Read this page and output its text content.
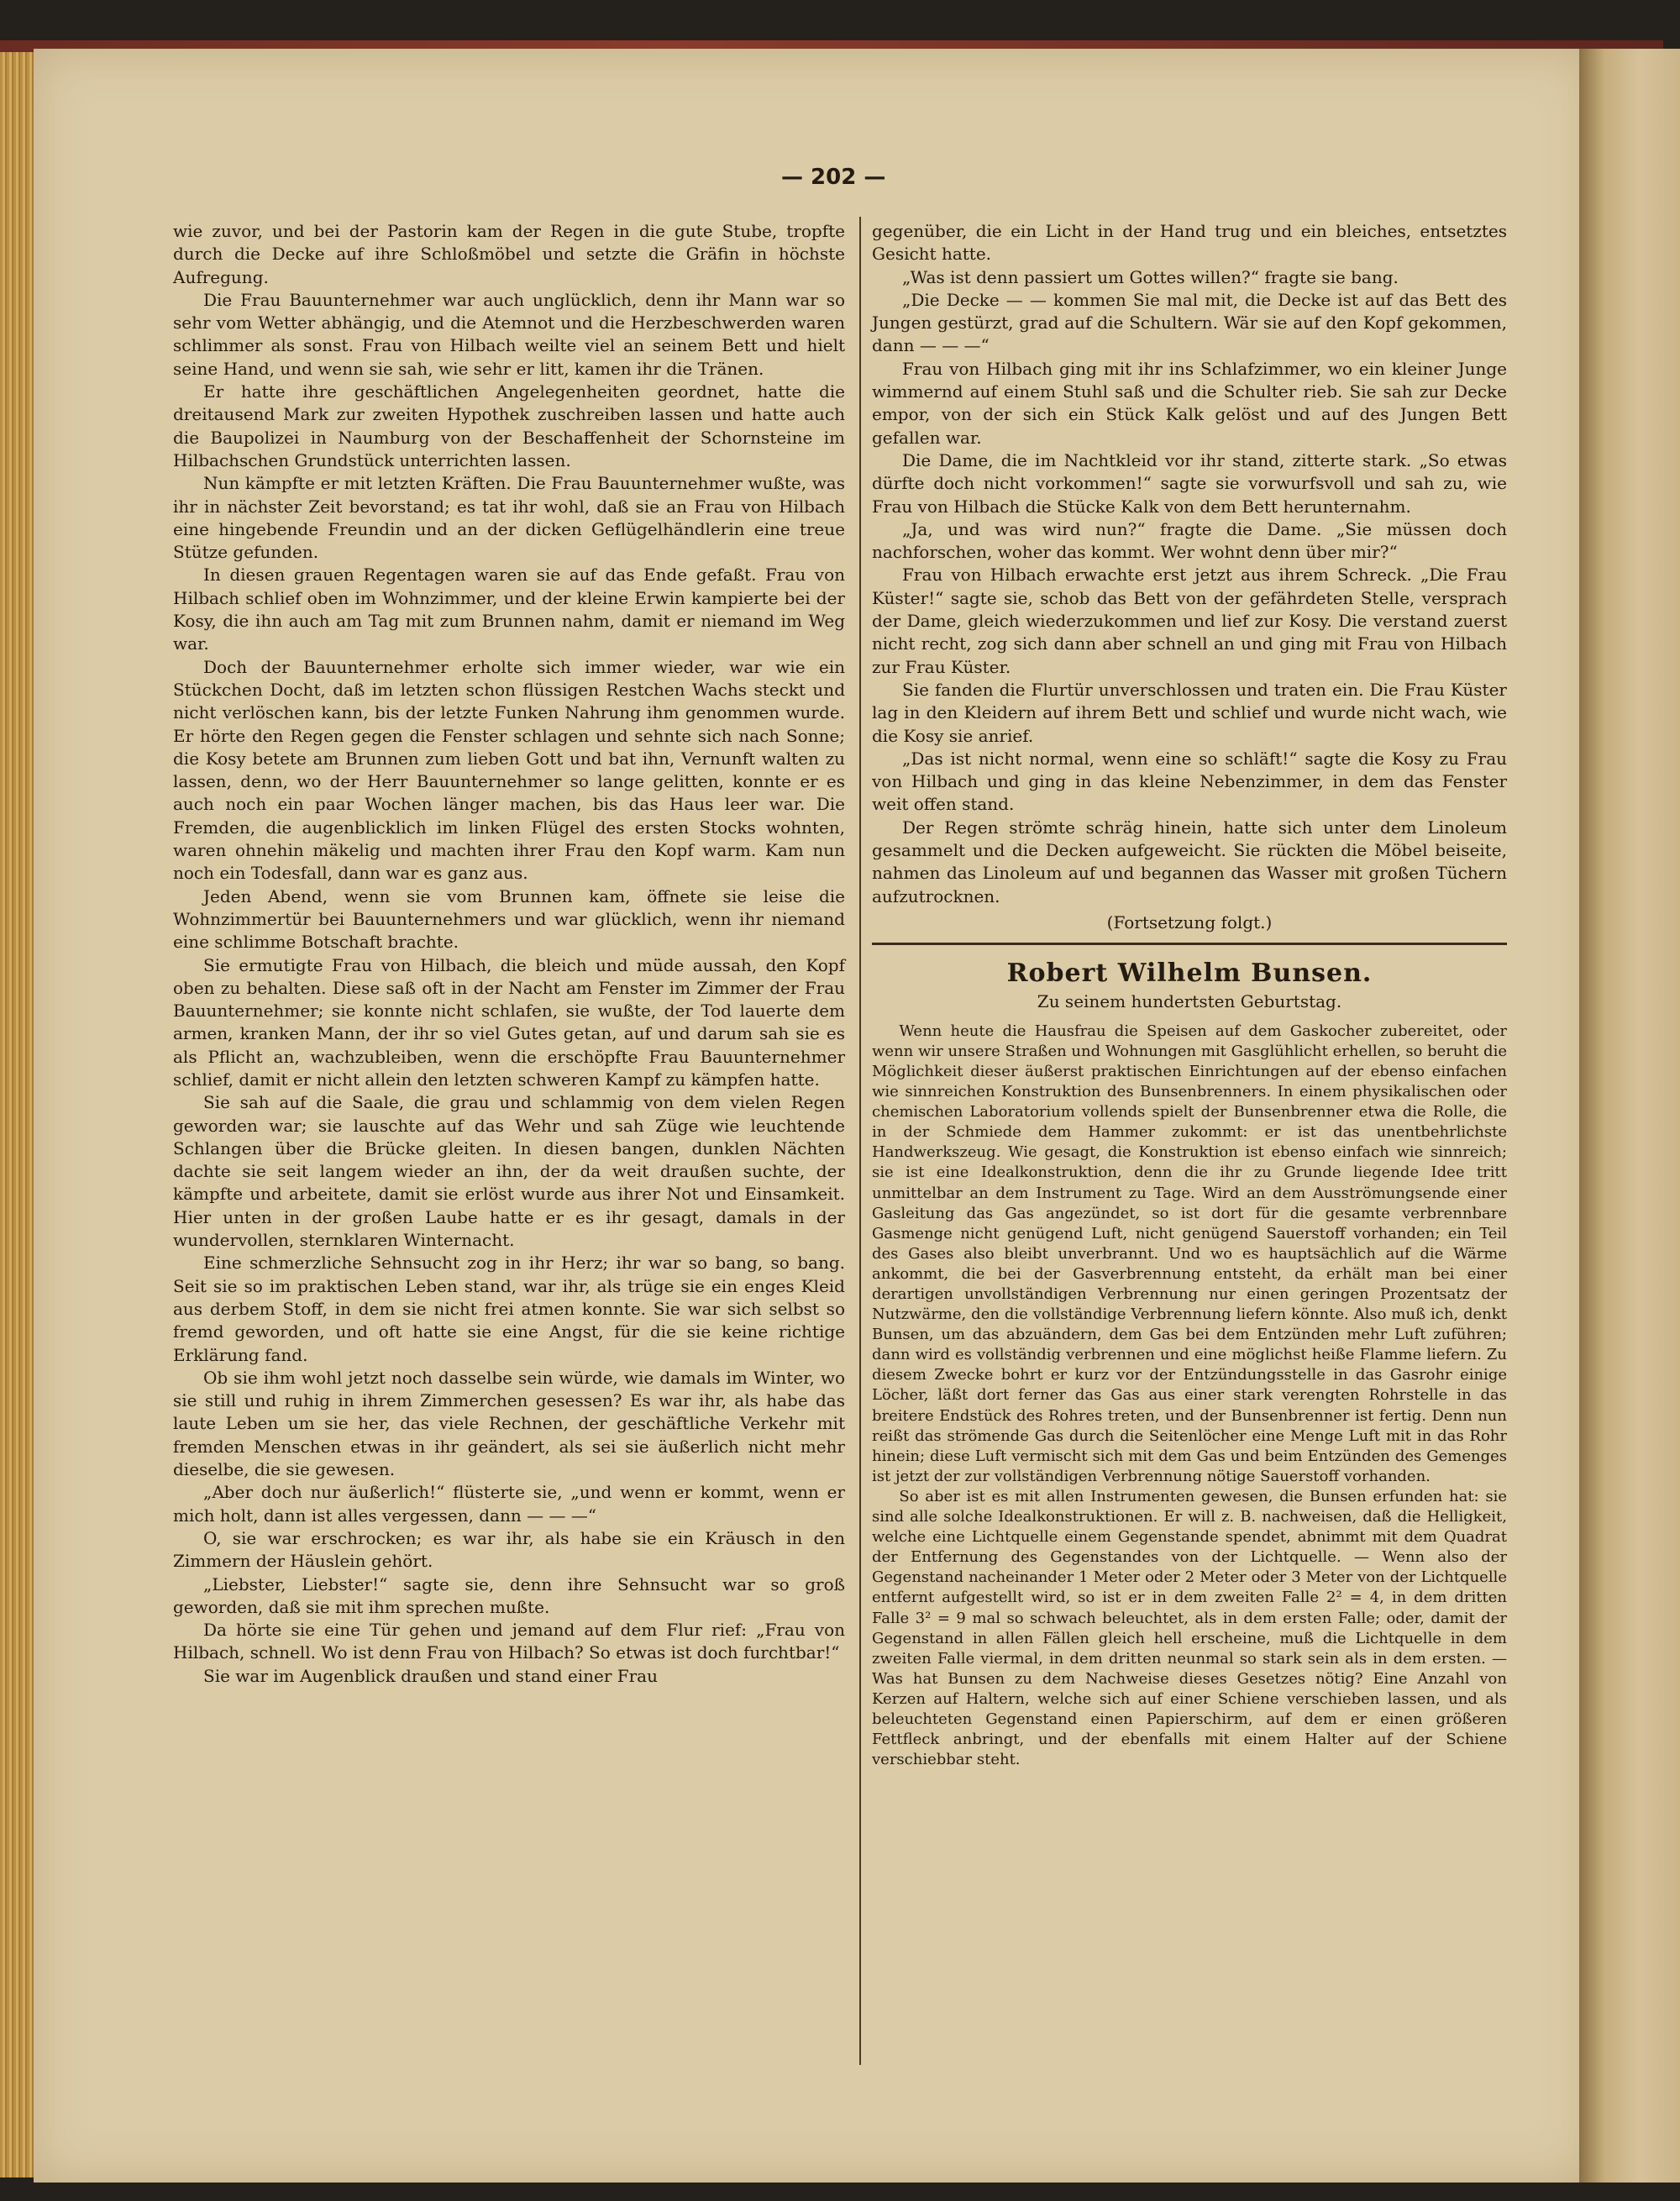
— 202 —

wie zuvor, und bei der Pastorin kam der Regen in die gute Stube, tropfte durch die Decke auf ihre Schloßmöbel und setzte die Gräfin in höchste Aufregung.

Die Frau Bauunternehmer war auch unglücklich, denn ihr Mann war so sehr vom Wetter abhängig, und die Atemnot und die Herzbeschwerden waren schlimmer als sonst. Frau von Hilbach weilte viel an seinem Bett und hielt seine Hand, und wenn sie sah, wie sehr er litt, kamen ihr die Tränen.

Er hatte ihre geschäftlichen Angelegenheiten geordnet, hatte die dreitausend Mark zur zweiten Hypothek zuschreiben lassen und hatte auch die Baupolizei in Naumburg von der Beschaffenheit der Schornsteine im Hilbachschen Grundstück unterrichten lassen.

Nun kämpfte er mit letzten Kräften. Die Frau Bauunternehmer wußte, was ihr in nächster Zeit bevorstand; es tat ihr wohl, daß sie an Frau von Hilbach eine hingebende Freundin und an der dicken Geflügelhändlerin eine treue Stütze gefunden.

In diesen grauen Regentagen waren sie auf das Ende gefaßt. Frau von Hilbach schlief oben im Wohnzimmer, und der kleine Erwin kampierte bei der Kosy, die ihn auch am Tag mit zum Brunnen nahm, damit er niemand im Weg war.

Doch der Bauunternehmer erholte sich immer wieder, war wie ein Stückchen Docht, daß im letzten schon flüssigen Restchen Wachs steckt und nicht verlöschen kann, bis der letzte Funken Nahrung ihm genommen wurde. Er hörte den Regen gegen die Fenster schlagen und sehnte sich nach Sonne; die Kosy betete am Brunnen zum lieben Gott und bat ihn, Vernunft walten zu lassen, denn, wo der Herr Bauunternehmer so lange gelitten, konnte er es auch noch ein paar Wochen länger machen, bis das Haus leer war. Die Fremden, die augenblicklich im linken Flügel des ersten Stocks wohnten, waren ohnehin mäkelig und machten ihrer Frau den Kopf warm. Kam nun noch ein Todesfall, dann war es ganz aus.

Jeden Abend, wenn sie vom Brunnen kam, öffnete sie leise die Wohnzimmertür bei Bauunternehmers und war glücklich, wenn ihr niemand eine schlimme Botschaft brachte.

Sie ermutigte Frau von Hilbach, die bleich und müde aussah, den Kopf oben zu behalten. Diese saß oft in der Nacht am Fenster im Zimmer der Frau Bauunternehmer; sie konnte nicht schlafen, sie wußte, der Tod lauerte dem armen, kranken Mann, der ihr so viel Gutes getan, auf und darum sah sie es als Pflicht an, wachzubleiben, wenn die erschöpfte Frau Bauunternehmer schlief, damit er nicht allein den letzten schweren Kampf zu kämpfen hatte.

Sie sah auf die Saale, die grau und schlammig von dem vielen Regen geworden war; sie lauschte auf das Wehr und sah Züge wie leuchtende Schlangen über die Brücke gleiten. In diesen bangen, dunklen Nächten dachte sie seit langem wieder an ihn, der da weit draußen suchte, der kämpfte und arbeitete, damit sie erlöst wurde aus ihrer Not und Einsamkeit. Hier unten in der großen Laube hatte er es ihr gesagt, damals in der wundervollen, sternklaren Winternacht.

Eine schmerzliche Sehnsucht zog in ihr Herz; ihr war so bang, so bang. Seit sie so im praktischen Leben stand, war ihr, als trüge sie ein enges Kleid aus derbem Stoff, in dem sie nicht frei atmen konnte. Sie war sich selbst so fremd geworden, und oft hatte sie eine Angst, für die sie keine richtige Erklärung fand.

Ob sie ihm wohl jetzt noch dasselbe sein würde, wie damals im Winter, wo sie still und ruhig in ihrem Zimmerchen gesessen? Es war ihr, als habe das laute Leben um sie her, das viele Rechnen, der geschäftliche Verkehr mit fremden Menschen etwas in ihr geändert, als sei sie äußerlich nicht mehr dieselbe, die sie gewesen.

„Aber doch nur äußerlich!“ flüsterte sie, „und wenn er kommt, wenn er mich holt, dann ist alles vergessen, dann — — —“

O, sie war erschrocken; es war ihr, als habe sie ein Kräusch in den Zimmern der Häuslein gehört.

„Liebster, Liebster!“ sagte sie, denn ihre Sehnsucht war so groß geworden, daß sie mit ihm sprechen mußte.

Da hörte sie eine Tür gehen und jemand auf dem Flur rief: „Frau von Hilbach, schnell. Wo ist denn Frau von Hilbach? So etwas ist doch furchtbar!“

Sie war im Augenblick draußen und stand einer Frau

gegenüber, die ein Licht in der Hand trug und ein bleiches, entsetztes Gesicht hatte.

„Was ist denn passiert um Gottes willen?“ fragte sie bang.

„Die Decke — — kommen Sie mal mit, die Decke ist auf das Bett des Jungen gestürzt, grad auf die Schultern. Wär sie auf den Kopf gekommen, dann — — —“

Frau von Hilbach ging mit ihr ins Schlafzimmer, wo ein kleiner Junge wimmernd auf einem Stuhl saß und die Schulter rieb. Sie sah zur Decke empor, von der sich ein Stück Kalk gelöst und auf des Jungen Bett gefallen war.

Die Dame, die im Nachtkleid vor ihr stand, zitterte stark. „So etwas dürfte doch nicht vorkommen!“ sagte sie vorwurfsvoll und sah zu, wie Frau von Hilbach die Stücke Kalk von dem Bett herunternahm.

„Ja, und was wird nun?“ fragte die Dame. „Sie müssen doch nachforschen, woher das kommt. Wer wohnt denn über mir?“

Frau von Hilbach erwachte erst jetzt aus ihrem Schreck. „Die Frau Küster!“ sagte sie, schob das Bett von der gefährdeten Stelle, versprach der Dame, gleich wiederzukommen und lief zur Kosy. Die verstand zuerst nicht recht, zog sich dann aber schnell an und ging mit Frau von Hilbach zur Frau Küster.

Sie fanden die Flurtür unverschlossen und traten ein. Die Frau Küster lag in den Kleidern auf ihrem Bett und schlief und wurde nicht wach, wie die Kosy sie anrief.

„Das ist nicht normal, wenn eine so schläft!“ sagte die Kosy zu Frau von Hilbach und ging in das kleine Nebenzimmer, in dem das Fenster weit offen stand.

Der Regen strömte schräg hinein, hatte sich unter dem Linoleum gesammelt und die Decken aufgeweicht. Sie rückten die Möbel beiseite, nahmen das Linoleum auf und begannen das Wasser mit großen Tüchern aufzutrocknen.

(Fortsetzung folgt.)

Robert Wilhelm Bunsen.
Zu seinem hundertsten Geburtstag.

Wenn heute die Hausfrau die Speisen auf dem Gaskocher zubereitet, oder wenn wir unsere Straßen und Wohnungen mit Gasglühlicht erhellen, so beruht die Möglichkeit dieser äußerst praktischen Einrichtungen auf der ebenso einfachen wie sinnreichen Konstruktion des Bunsenbrenners. In einem physikalischen oder chemischen Laboratorium vollends spielt der Bunsenbrenner etwa die Rolle, die in der Schmiede dem Hammer zukommt: er ist das unentbehrlichste Handwerkszeug. Wie gesagt, die Konstruktion ist ebenso einfach wie sinnreich; sie ist eine Idealkonstruktion, denn die ihr zu Grunde liegende Idee tritt unmittelbar an dem Instrument zu Tage. Wird an dem Ausströmungsende einer Gasleitung das Gas angezündet, so ist dort für die gesamte verbrennbare Gasmenge nicht genügend Luft, nicht genügend Sauerstoff vorhanden; ein Teil des Gases also bleibt unverbrannt. Und wo es hauptsächlich auf die Wärme ankommt, die bei der Gasverbrennung entsteht, da erhält man bei einer derartigen unvollständigen Verbrennung nur einen geringen Prozentsatz der Nutzwärme, den die vollständige Verbrennung liefern könnte. Also muß ich, denkt Bunsen, um das abzuändern, dem Gas bei dem Entzünden mehr Luft zuführen; dann wird es vollständig verbrennen und eine möglichst heiße Flamme liefern. Zu diesem Zwecke bohrt er kurz vor der Entzündungsstelle in das Gasrohr einige Löcher, läßt dort ferner das Gas aus einer stark verengten Rohrstelle in das breitere Endstück des Rohres treten, und der Bunsenbrenner ist fertig. Denn nun reißt das strömende Gas durch die Seitenlöcher eine Menge Luft mit in das Rohr hinein; diese Luft vermischt sich mit dem Gas und beim Entzünden des Gemenges ist jetzt der zur vollständigen Verbrennung nötige Sauerstoff vorhanden.

So aber ist es mit allen Instrumenten gewesen, die Bunsen erfunden hat: sie sind alle solche Idealkonstruktionen. Er will z. B. nachweisen, daß die Helligkeit, welche eine Lichtquelle einem Gegenstande spendet, abnimmt mit dem Quadrat der Entfernung des Gegenstandes von der Lichtquelle. — Wenn also der Gegenstand nacheinander 1 Meter oder 2 Meter oder 3 Meter von der Lichtquelle entfernt aufgestellt wird, so ist er in dem zweiten Falle 2² = 4, in dem dritten Falle 3² = 9 mal so schwach beleuchtet, als in dem ersten Falle; oder, damit der Gegenstand in allen Fällen gleich hell erscheine, muß die Lichtquelle in dem zweiten Falle viermal, in dem dritten neunmal so stark sein als in dem ersten. — Was hat Bunsen zu dem Nachweise dieses Gesetzes nötig? Eine Anzahl von Kerzen auf Haltern, welche sich auf einer Schiene verschieben lassen, und als beleuchteten Gegenstand einen Papierschirm, auf dem er einen größeren Fettfleck anbringt, und der ebenfalls mit einem Halter auf der Schiene verschiebbar steht.
